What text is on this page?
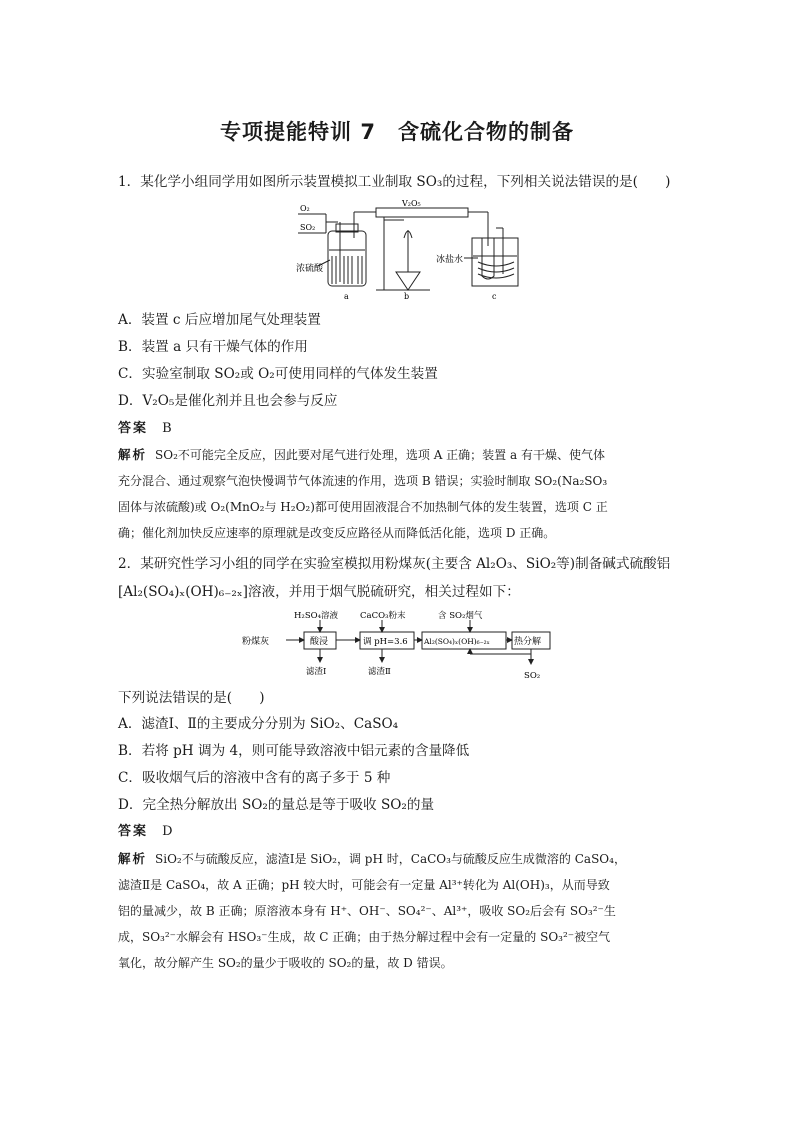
专项提能特训 7　含硫化合物的制备
1．某化学小组同学用如图所示装置模拟工业制取 SO₃的过程，下列相关说法错误的是(　　)
O₂
SO₂
V₂O₅
浓硫酸
冰盐水
a	b	c
A．装置 c 后应增加尾气处理装置
B．装置 a 只有干燥气体的作用
C．实验室制取 SO₂或 O₂可使用同样的气体发生装置
D．V₂O₅是催化剂并且也会参与反应
答案 B
解析 SO₂不可能完全反应，因此要对尾气进行处理，选项 A 正确；装置 a 有干燥、使气体
充分混合、通过观察气泡快慢调节气体流速的作用，选项 B 错误；实验时制取 SO₂(Na₂SO₃
固体与浓硫酸)或 O₂(MnO₂与 H₂O₂)都可使用固液混合不加热制气体的发生装置，选项 C 正
确；催化剂加快反应速率的原理就是改变反应路径从而降低活化能，选项 D 正确。
2．某研究性学习小组的同学在实验室模拟用粉煤灰(主要含 Al₂O₃、SiO₂等)制备碱式硫酸铝
[Al₂(SO₄)ₓ(OH)₆₋₂ₓ]溶液，并用于烟气脱硫研究，相关过程如下：
粉煤灰
H₂SO₄溶液
酸浸
滤渣Ⅰ
CaCO₃粉末
调 pH=3.6
滤渣Ⅱ
含 SO₂烟气
Al₂(SO₄)ₓ(OH)₆₋₂ₓ	热分解
SO₂
下列说法错误的是(　　)
A．滤渣Ⅰ、Ⅱ的主要成分分别为 SiO₂、CaSO₄
B．若将 pH 调为 4，则可能导致溶液中铝元素的含量降低
C．吸收烟气后的溶液中含有的离子多于 5 种
D．完全热分解放出 SO₂的量总是等于吸收 SO₂的量
答案 D
解析 SiO₂不与硫酸反应，滤渣Ⅰ是 SiO₂，调 pH 时，CaCO₃与硫酸反应生成微溶的 CaSO₄，
滤渣Ⅱ是 CaSO₄，故 A 正确；pH 较大时，可能会有一定量 Al³⁺转化为 Al(OH)₃，从而导致
铝的量减少，故 B 正确；原溶液本身有 H⁺、OH⁻、SO₄²⁻、Al³⁺，吸收 SO₂后会有 SO₃²⁻生
成，SO₃²⁻水解会有 HSO₃⁻生成，故 C 正确；由于热分解过程中会有一定量的 SO₃²⁻被空气
氧化，故分解产生 SO₂的量少于吸收的 SO₂的量，故 D 错误。
